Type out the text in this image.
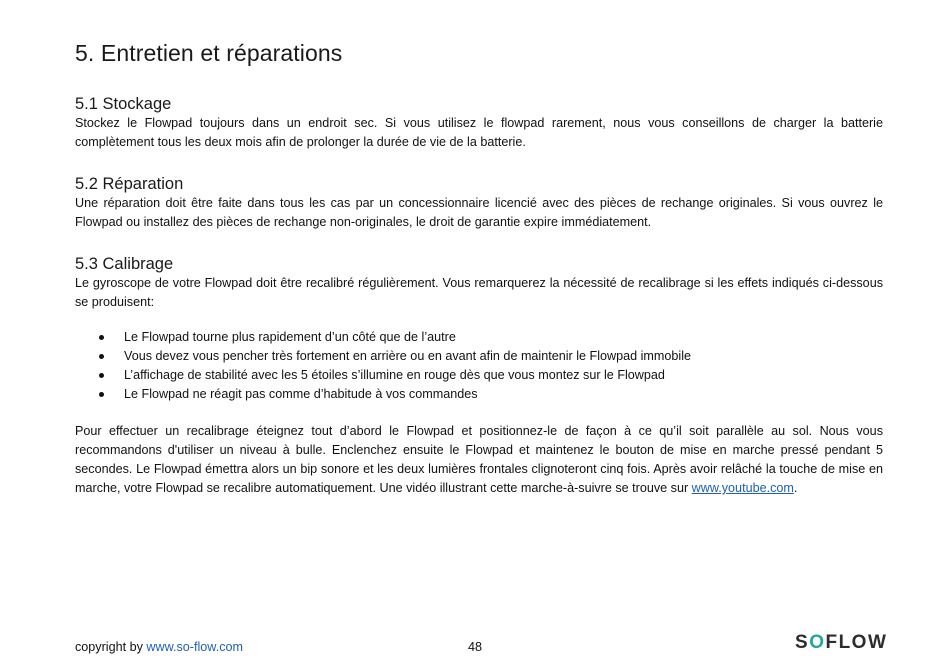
5. Entretien et réparations
5.1 Stockage

Stockez le Flowpad toujours dans un endroit sec. Si vous utilisez le flowpad rarement, nous vous conseillons de charger la batterie complètement tous les deux mois afin de prolonger la durée de vie de la batterie.

5.2 Réparation

Une réparation doit être faite dans tous les cas par un concessionnaire licencié avec des pièces de rechange originales. Si vous ouvrez le Flowpad ou installez des pièces de rechange non-originales, le droit de garantie expire immédiatement.

5.3 Calibrage

Le gyroscope de votre Flowpad doit être recalibré régulièrement. Vous remarquerez la nécessité de recalibrage si les effets indiqués ci-dessous se produisent:

Le Flowpad tourne plus rapidement d’un côté que de l’autre
Vous devez vous pencher très fortement en arrière ou en avant afin de maintenir le Flowpad immobile
L’affichage de stabilité avec les 5 étoiles s’illumine en rouge dès que vous montez sur le Flowpad
Le Flowpad ne réagit pas comme d’habitude à vos commandes

Pour effectuer un recalibrage éteignez tout d’abord le Flowpad et positionnez-le de façon à ce qu’il soit parallèle au sol. Nous vous recommandons d'utiliser un niveau à bulle. Enclenchez ensuite le Flowpad et maintenez le bouton de mise en marche pressé pendant 5 secondes. Le Flowpad émettra alors un bip sonore et les deux lumières frontales clignoteront cinq fois. Après avoir relâché la touche de mise en marche, votre Flowpad se recalibre automatiquement. Une vidéo illustrant cette marche-à-suivre se trouve sur www.youtube.com.

copyright by www.so-flow.com	48	SOFLOW
